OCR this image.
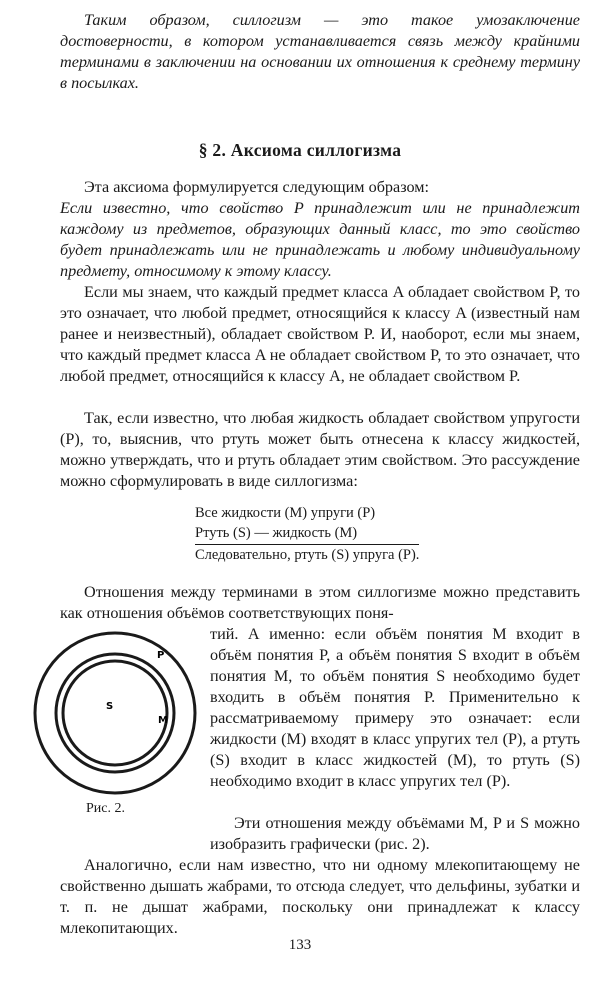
Таким образом, силлогизм — это такое умозаключение достоверности, в котором устанавливается связь между крайними терминами в заключении на основании их отношения к среднему термину в посылках.

§ 2. Аксиома силлогизма

Эта аксиома формулируется следующим образом:

Если известно, что свойство P принадлежит или не принадлежит каждому из предметов, образующих данный класс, то это свойство будет принадлежать или не принадлежать и любому индивидуальному предмету, относимому к этому классу.

Если мы знаем, что каждый предмет класса A обладает свойством P, то это означает, что любой предмет, относящийся к классу A (известный нам ранее и неизвестный), обладает свойством P. И, наоборот, если мы знаем, что каждый предмет класса A не обладает свойством P, то это означает, что любой предмет, относящийся к классу A, не обладает свойством P.

Так, если известно, что любая жидкость обладает свойством упругости (P), то, выяснив, что ртуть может быть отнесена к классу жидкостей, можно утверждать, что и ртуть обладает этим свойством. Это рассуждение можно сформулировать в виде силлогизма:

Все жидкости (M) упруги (P)
Ртуть (S) — жидкость (M)
Следовательно, ртуть (S) упруга (P).

Отношения между терминами в этом силлогизме можно представить как отношения объёмов соответствующих поня-

тий. А именно: если объём понятия M входит в объём понятия P, а объём понятия S входит в объём понятия M, то объём понятия S необходимо будет входить в объём понятия P. Применительно к рассматриваемому примеру это означает: если жидкости (M) входят в класс упругих тел (P), а ртуть (S) входит в класс жидкостей (M), то ртуть (S) необходимо входит в класс упругих тел (P).

P
M
S
Рис. 2.

Эти отношения между объёмами M, P и S можно изобразить графически (рис. 2).

Аналогично, если нам известно, что ни одному млекопитающему не свойственно дышать жабрами, то отсюда следует, что дельфины, зубатки и т. п. не дышат жабрами, поскольку они принадлежат к классу млекопитающих.

133
